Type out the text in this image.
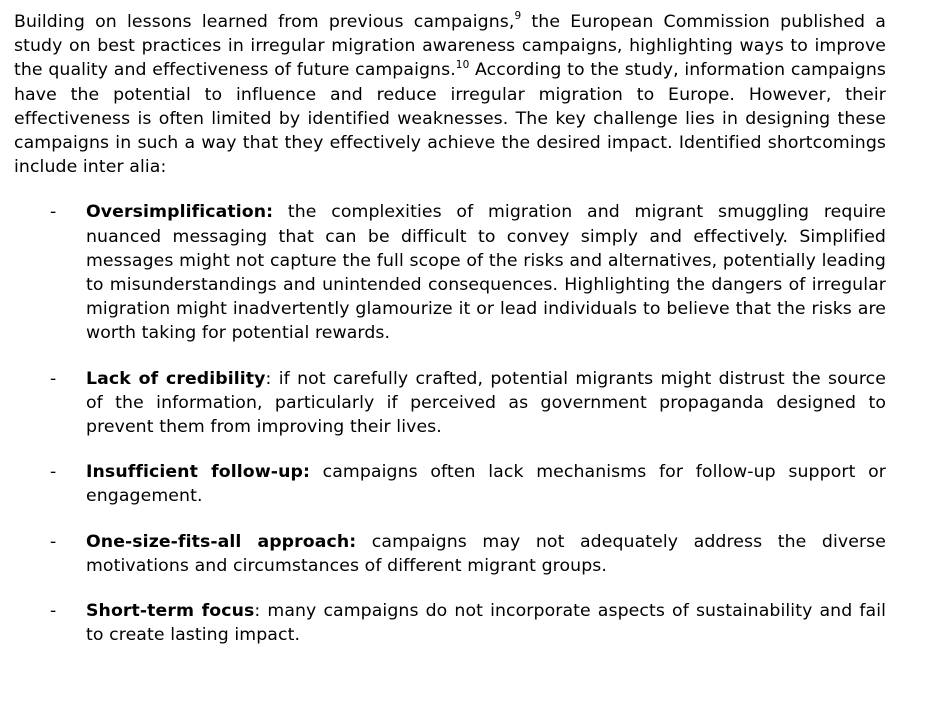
Building on lessons learned from previous campaigns,$^9$ the European Commission published a study on best practices in irregular migration awareness campaigns, highlighting ways to improve the quality and effectiveness of future campaigns.$^{10}$ According to the study, information campaigns have the potential to influence and reduce irregular migration to Europe. However, their effectiveness is often limited by identified weaknesses. The key challenge lies in designing these campaigns in such a way that they effectively achieve the desired impact. Identified shortcomings include inter alia:

- Oversimplification: the complexities of migration and migrant smuggling require nuanced messaging that can be difficult to convey simply and effectively. Simplified messages might not capture the full scope of the risks and alternatives, potentially leading to misunderstandings and unintended consequences. Highlighting the dangers of irregular migration might inadvertently glamourize it or lead individuals to believe that the risks are worth taking for potential rewards.
- Lack of credibility: if not carefully crafted, potential migrants might distrust the source of the information, particularly if perceived as government propaganda designed to prevent them from improving their lives.
- Insufficient follow-up: campaigns often lack mechanisms for follow-up support or engagement.
- One-size-fits-all approach: campaigns may not adequately address the diverse motivations and circumstances of different migrant groups.
- Short-term focus: many campaigns do not incorporate aspects of sustainability and fail to create lasting impact.
